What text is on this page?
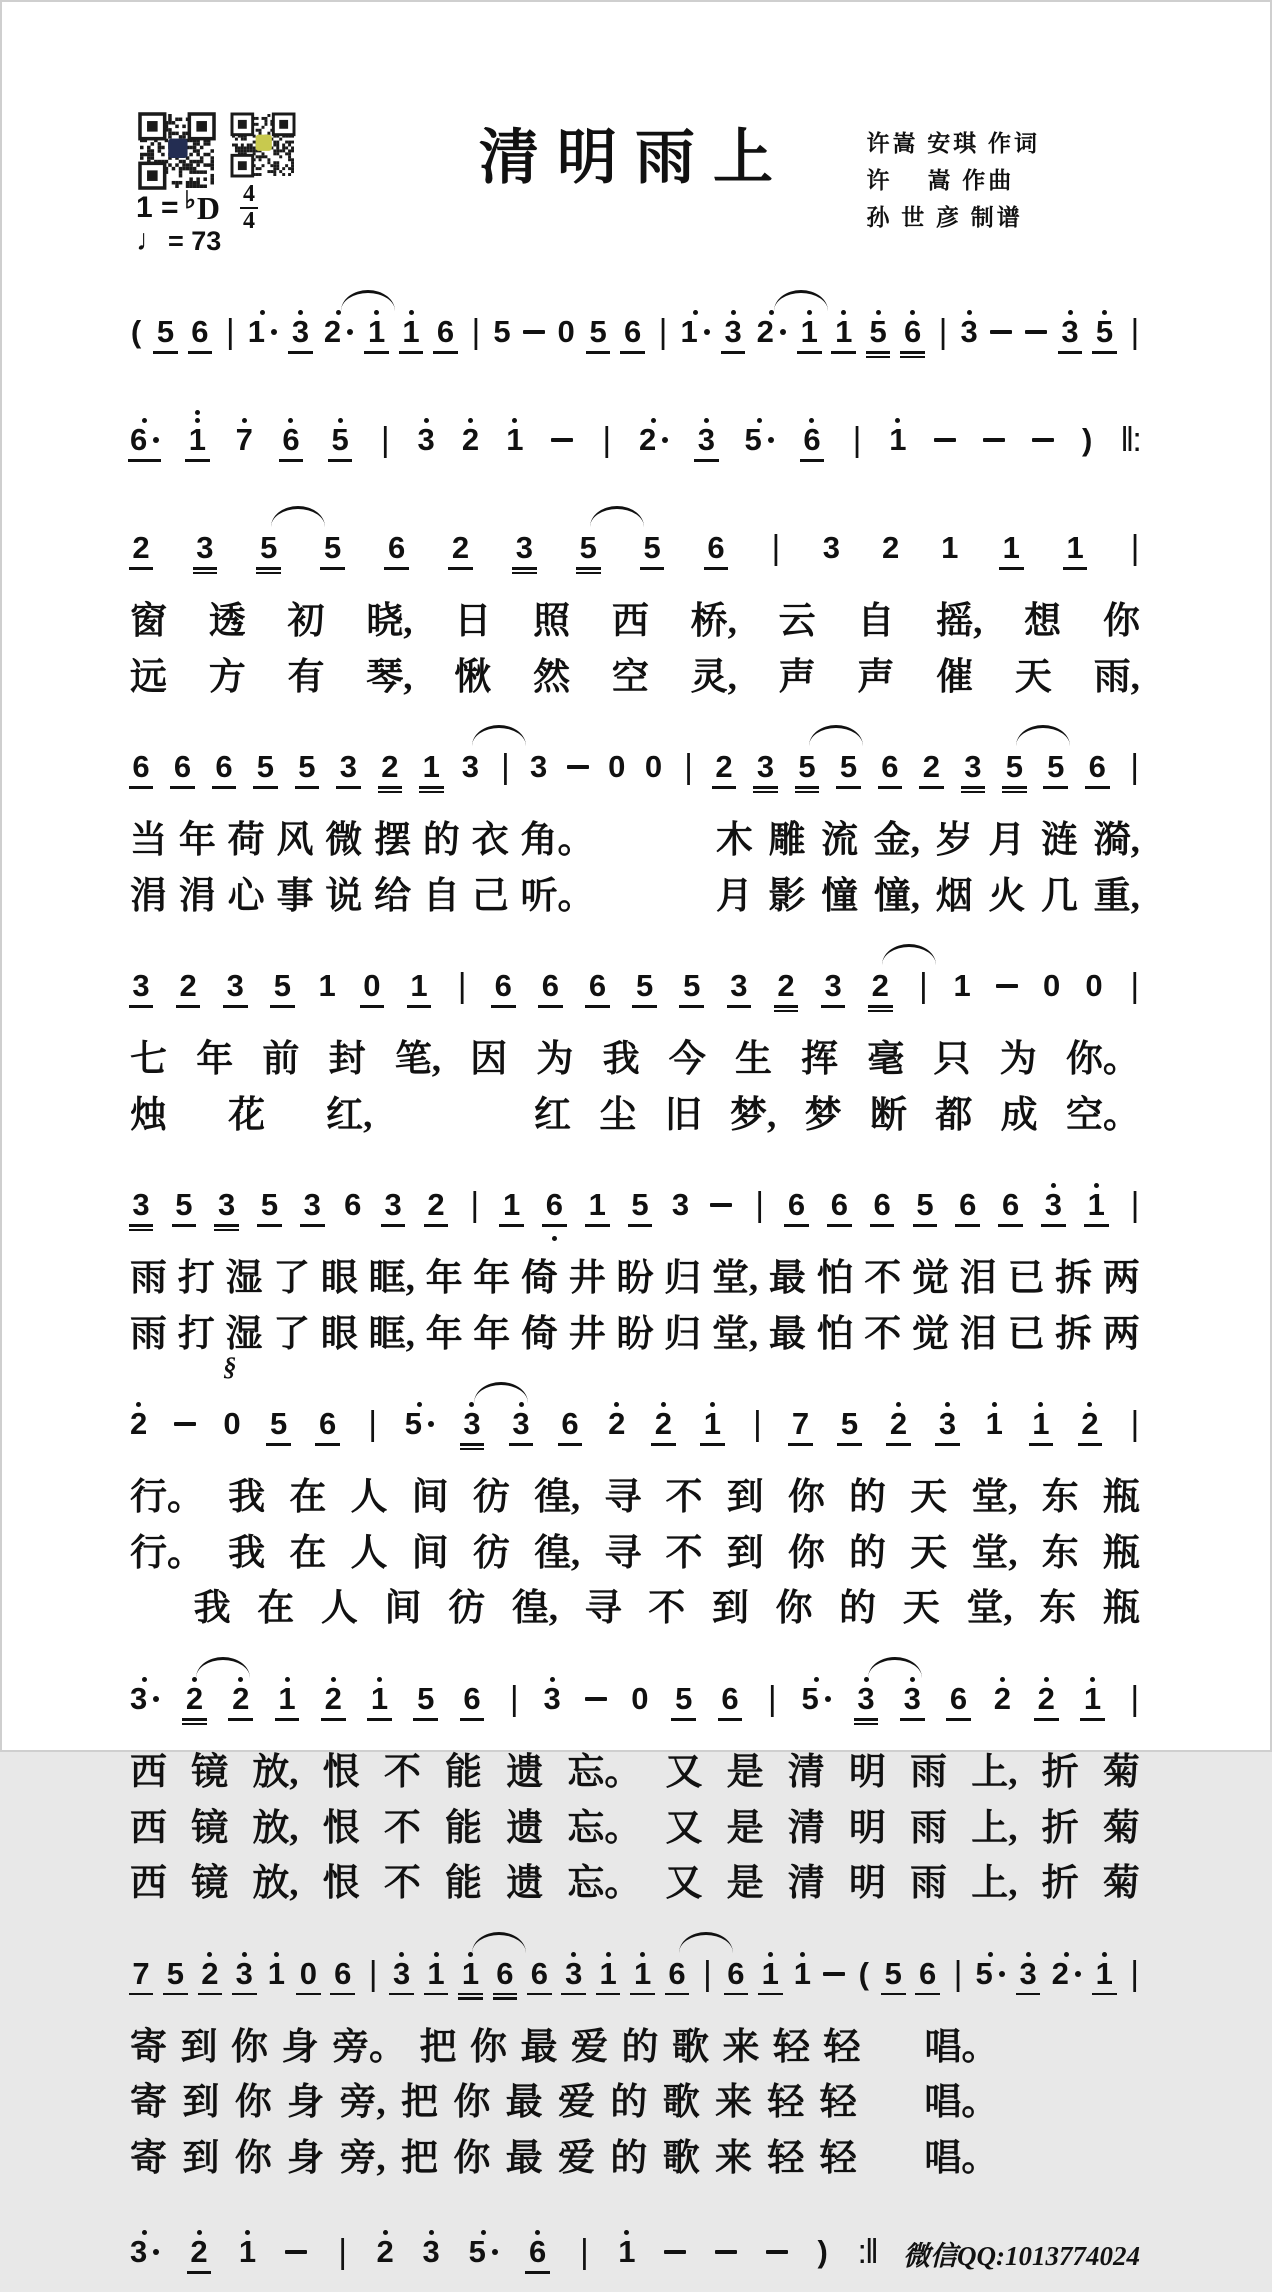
清明雨上	许嵩 安琪 作词
许    嵩 作曲
孙 世 彦 制谱
1 = ♭ D $\frac{4}{4}$
♩= 73
( 5 6 | 1 3 2 1 1 6 | 5 0 5 6 | 1 3 2 1 1 5 6 | 3	3 5 |
6 1 7 6 5 | 3 2 1 | 2 3 5 6 | 1	) ‖:
2 3 5 5 6 2 3 5 5 6 | 3 2 1 1 1 |
窗 透 初 晓, 日 照 西 桥, 云 自 摇, 想 你
远 方 有 琴, 愀 然 空 灵, 声 声 催 天 雨,
6 6 6 5 5 3 2 1 3 | 3 0 0 | 2 3 5 5 6 2 3 5 5 6 |
当 年 荷 风 微 摆 的 衣 角。	木 雕 流 金, 岁 月 涟 漪,
涓 涓 心 事 说 给 自 己 听。	月 影 憧 憧, 烟 火 几 重,
3 2 3 5 1 0 1 | 6 6 6 5 5 3 2 3 2 | 1 0 0 |
七 年 前 封 笔, 因 为 我 今 生 挥 毫 只 为 你。
烛 花 红,	红 尘 旧 梦, 梦 断 都 成 空。
3 5 3 5 3 6 3 2 | 1 6 1 5 3 | 6 6 6 5 6 6 3 1 |
雨 打 湿 了 眼 眶, 年 年 倚 井 盼 归 堂, 最 怕 不 觉 泪 已 拆 两
雨 打 湿 了 眼 眶, 年 年 倚 井 盼 归 堂, 最 怕 不 觉 泪 已 拆 两
2 0
§
5 6 | 5 3 3 6 2 2 1 | 7 5 2 3 1 1 2 |
行。 我 在 人 间 彷 徨, 寻 不 到 你 的 天 堂, 东 瓶
行。 我 在 人 间 彷 徨, 寻 不 到 你 的 天 堂, 东 瓶

我 在 人 间 彷 徨, 寻 不 到 你 的 天 堂, 东 瓶
3 2 2 1 2 1 5 6 | 3 0 5 6 | 5 3 3 6 2 2 1 |
西 镜 放, 恨 不 能 遗 忘。 又 是 清 明 雨 上, 折 菊
西 镜 放, 恨 不 能 遗 忘。 又 是 清 明 雨 上, 折 菊
西 镜 放, 恨 不 能 遗 忘。 又 是 清 明 雨 上, 折 菊
7 5 2 3 1 0 6 | 3 1 1 6 6 3 1 1 6 | 6 1 1 ( 5 6 | 5 3 2 1 |
寄 到 你 身 旁。 把 你 最 爱 的 歌 来 轻 轻
　 唱。
寄 到 你 身 旁, 把 你 最 爱 的 歌 来 轻 轻
　 唱。
寄 到 你 身 旁, 把 你 最 爱 的 歌 来 轻 轻
　 唱。
3 2 1 | 2 3 5 6 | 1	) :‖ 微信QQ:1013774024
